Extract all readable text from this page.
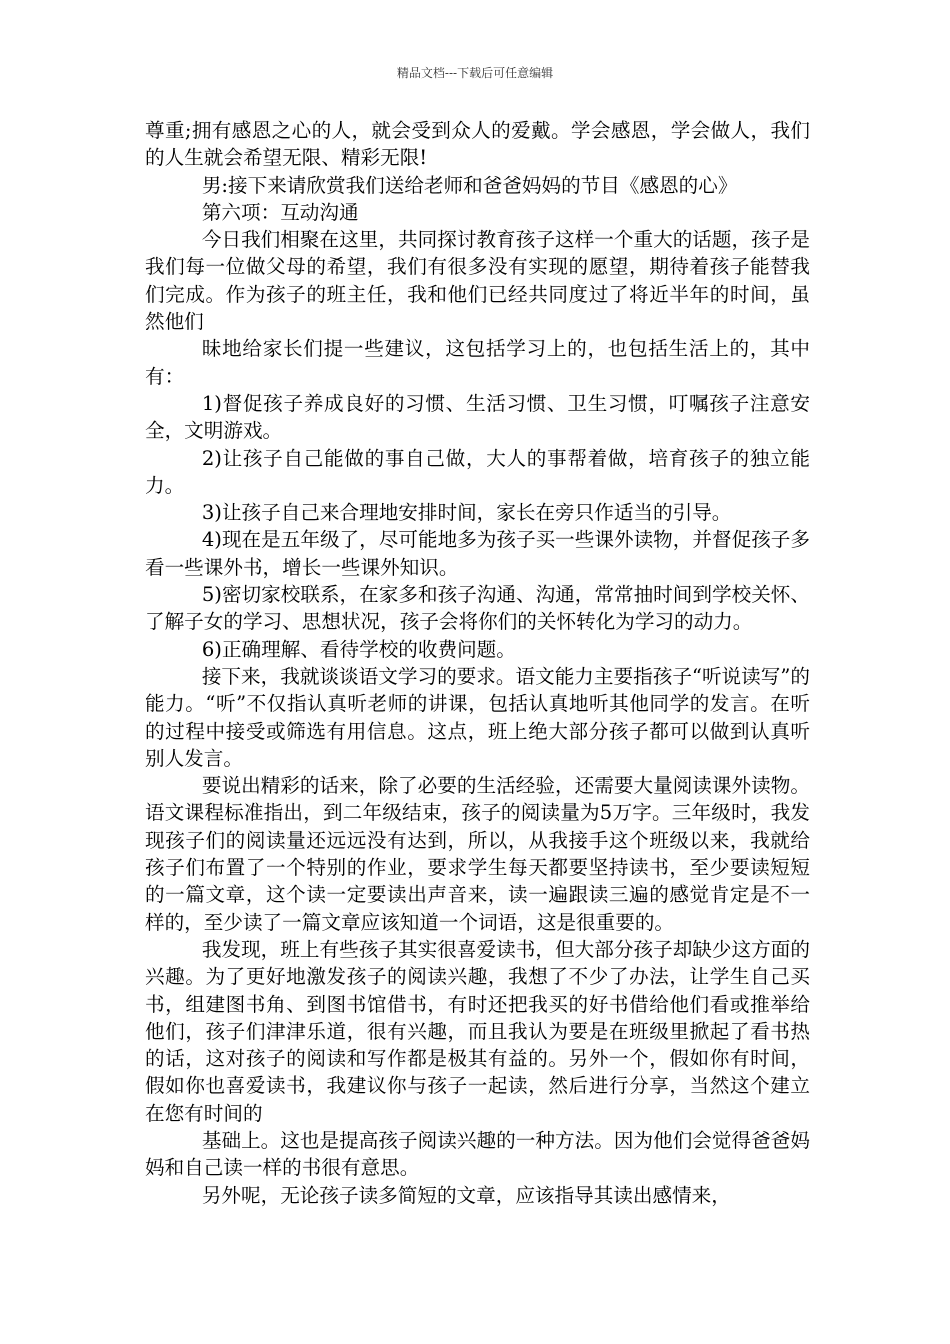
精品文档---下载后可任意编辑

尊重;拥有感恩之心的人，就会受到众人的爱戴。学会感恩，学会做人，我们的人生就会希望无限、精彩无限!

男:接下来请欣赏我们送给老师和爸爸妈妈的节目《感恩的心》

第六项：互动沟通

今日我们相聚在这里，共同探讨教育孩子这样一个重大的话题，孩子是我们每一位做父母的希望，我们有很多没有实现的愿望，期待着孩子能替我们完成。作为孩子的班主任，我和他们已经共同度过了将近半年的时间，虽然他们

昧地给家长们提一些建议，这包括学习上的，也包括生活上的，其中有：

1)督促孩子养成良好的习惯、生活习惯、卫生习惯，叮嘱孩子注意安全，文明游戏。

2)让孩子自己能做的事自己做，大人的事帮着做，培育孩子的独立能力。

3)让孩子自己来合理地安排时间，家长在旁只作适当的引导。

4)现在是五年级了，尽可能地多为孩子买一些课外读物，并督促孩子多看一些课外书，增长一些课外知识。

5)密切家校联系，在家多和孩子沟通、沟通，常常抽时间到学校关怀、了解子女的学习、思想状况，孩子会将你们的关怀转化为学习的动力。

6)正确理解、看待学校的收费问题。

接下来，我就谈谈语文学习的要求。语文能力主要指孩子“听说读写”的能力。“听”不仅指认真听老师的讲课，包括认真地听其他同学的发言。在听的过程中接受或筛选有用信息。这点，班上绝大部分孩子都可以做到认真听别人发言。

要说出精彩的话来，除了必要的生活经验，还需要大量阅读课外读物。语文课程标准指出，到二年级结束，孩子的阅读量为5万字。三年级时，我发现孩子们的阅读量还远远没有达到，所以，从我接手这个班级以来，我就给孩子们布置了一个特别的作业，要求学生每天都要坚持读书，至少要读短短的一篇文章，这个读一定要读出声音来，读一遍跟读三遍的感觉肯定是不一样的，至少读了一篇文章应该知道一个词语，这是很重要的。

我发现，班上有些孩子其实很喜爱读书，但大部分孩子却缺少这方面的兴趣。为了更好地激发孩子的阅读兴趣，我想了不少了办法，让学生自己买书，组建图书角、到图书馆借书，有时还把我买的好书借给他们看或推举给他们，孩子们津津乐道，很有兴趣，而且我认为要是在班级里掀起了看书热的话，这对孩子的阅读和写作都是极其有益的。另外一个，假如你有时间，假如你也喜爱读书，我建议你与孩子一起读，然后进行分享，当然这个建立在您有时间的

基础上。这也是提高孩子阅读兴趣的一种方法。因为他们会觉得爸爸妈妈和自己读一样的书很有意思。

另外呢，无论孩子读多简短的文章，应该指导其读出感情来，
